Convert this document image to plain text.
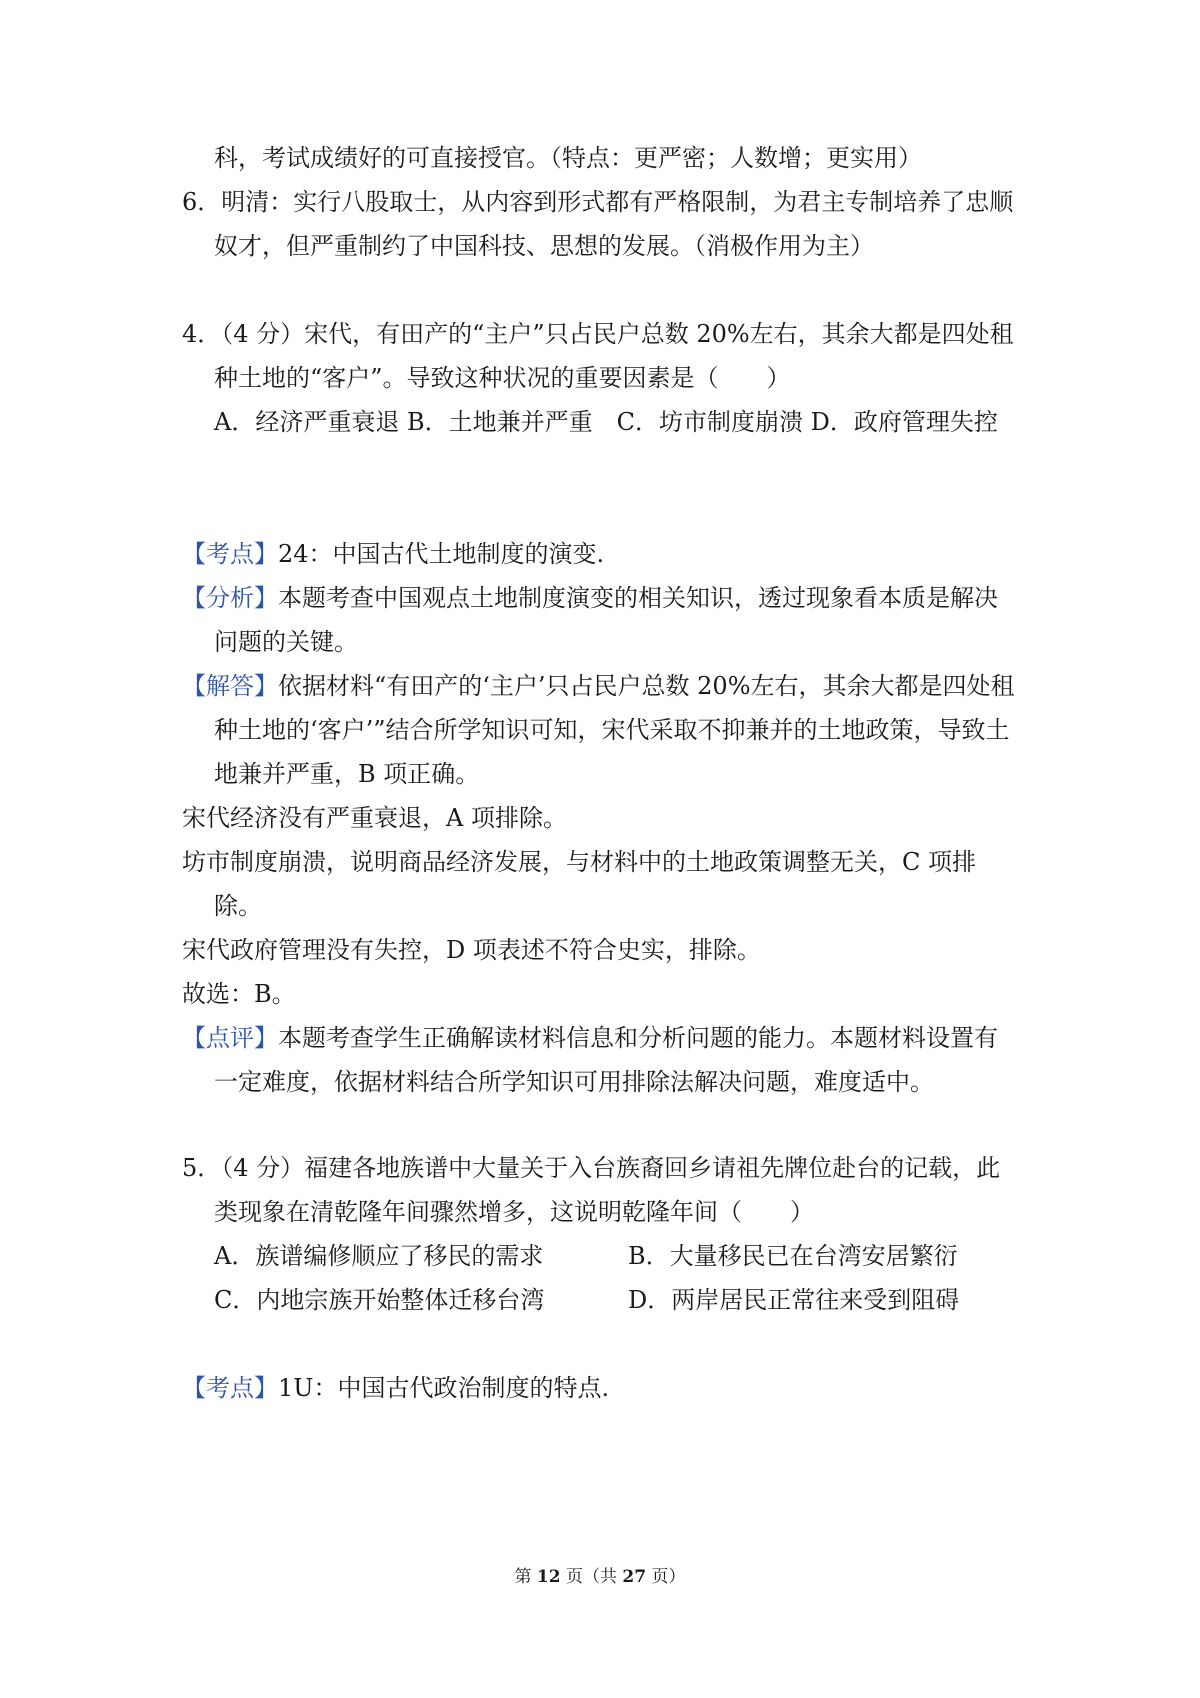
科，考试成绩好的可直接授官。（特点：更严密；人数增；更实用）
6．明清：实行八股取士，从内容到形式都有严格限制，为君主专制培养了忠顺
奴才，但严重制约了中国科技、思想的发展。（消极作用为主）
4．（4 分）宋代，有田产的“主户”只占民户总数 20%左右，其余大都是四处租
种土地的“客户”。导致这种状况的重要因素是（　　）
A．经济严重衰退 B．土地兼并严重　C．坊市制度崩溃 D．政府管理失控
【考点】24：中国古代土地制度的演变.
【分析】本题考查中国观点土地制度演变的相关知识，透过现象看本质是解决
问题的关键。
【解答】依据材料“有田产的‘主户’只占民户总数 20%左右，其余大都是四处租
种土地的‘客户’”结合所学知识可知，宋代采取不抑兼并的土地政策，导致土
地兼并严重，B 项正确。
宋代经济没有严重衰退，A 项排除。
坊市制度崩溃，说明商品经济发展，与材料中的土地政策调整无关，C 项排
除。
宋代政府管理没有失控，D 项表述不符合史实，排除。
故选：B。
【点评】本题考查学生正确解读材料信息和分析问题的能力。本题材料设置有
一定难度，依据材料结合所学知识可用排除法解决问题，难度适中。
5．（4 分）福建各地族谱中大量关于入台族裔回乡请祖先牌位赴台的记载，此
类现象在清乾隆年间骤然增多，这说明乾隆年间（　　）
A．族谱编修顺应了移民的需求	B．大量移民已在台湾安居繁衍
C．内地宗族开始整体迁移台湾	D．两岸居民正常往来受到阻碍
【考点】1U：中国古代政治制度的特点.
第 12 页（共 27 页）
